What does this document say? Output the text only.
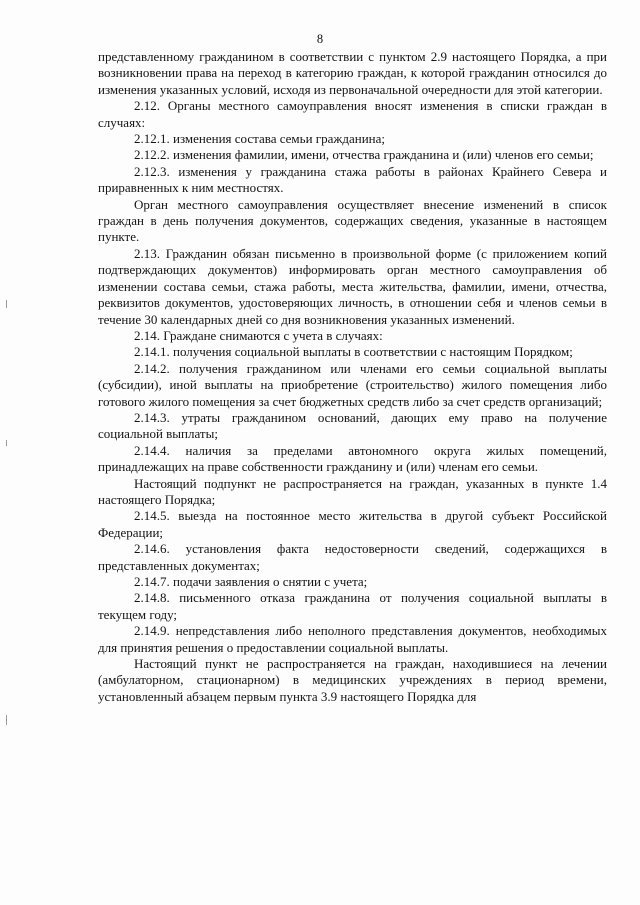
8

представленному гражданином в соответствии с пунктом 2.9 настоящего Порядка, а при возникновении права на переход в категорию граждан, к которой гражданин относился до изменения указанных условий, исходя из первоначальной очередности для этой категории.

2.12. Органы местного самоуправления вносят изменения в списки граждан в случаях:

2.12.1. изменения состава семьи гражданина;

2.12.2. изменения фамилии, имени, отчества гражданина и (или) членов его семьи;

2.12.3. изменения у гражданина стажа работы в районах Крайнего Севера и приравненных к ним местностях.

Орган местного самоуправления осуществляет внесение изменений в список граждан в день получения документов, содержащих сведения, указанные в настоящем пункте.

2.13. Гражданин обязан письменно в произвольной форме (с приложением копий подтверждающих документов) информировать орган местного самоуправления об изменении состава семьи, стажа работы, места жительства, фамилии, имени, отчества, реквизитов документов, удостоверяющих личность, в отношении себя и членов семьи в течение 30 календарных дней со дня возникновения указанных изменений.

2.14. Граждане снимаются с учета в случаях:

2.14.1. получения социальной выплаты в соответствии с настоящим Порядком;

2.14.2. получения гражданином или членами его семьи социальной выплаты (субсидии), иной выплаты на приобретение (строительство) жилого помещения либо готового жилого помещения за счет бюджетных средств либо за счет средств организаций;

2.14.3. утраты гражданином оснований, дающих ему право на получение социальной выплаты;

2.14.4. наличия за пределами автономного округа жилых помещений, принадлежащих на праве собственности гражданину и (или) членам его семьи.

Настоящий подпункт не распространяется на граждан, указанных в пункте 1.4 настоящего Порядка;

2.14.5. выезда на постоянное место жительства в другой субъект Российской Федерации;

2.14.6. установления факта недостоверности сведений, содержащихся в представленных документах;

2.14.7. подачи заявления о снятии с учета;

2.14.8. письменного отказа гражданина от получения социальной выплаты в текущем году;

2.14.9. непредставления либо неполного представления документов, необходимых для принятия решения о предоставлении социальной выплаты.

Настоящий пункт не распространяется на граждан, находившиеся на лечении (амбулаторном, стационарном) в медицинских учреждениях в период времени, установленный абзацем первым пункта 3.9 настоящего Порядка для
